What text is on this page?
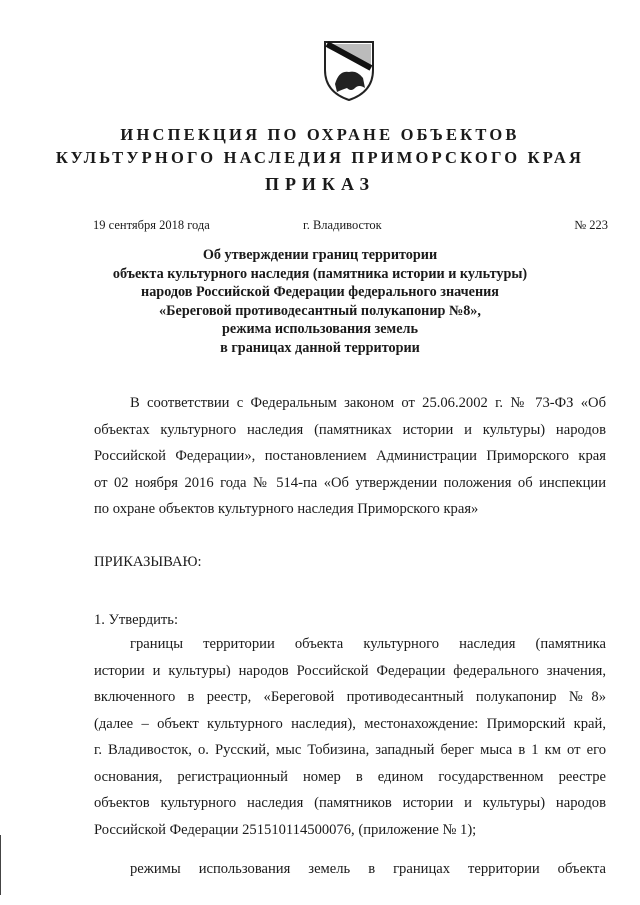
ИНСПЕКЦИЯ ПО ОХРАНЕ ОБЪЕКТОВ
КУЛЬТУРНОГО НАСЛЕДИЯ ПРИМОРСКОГО КРАЯ
ПРИКАЗ
19 сентября 2018 года	г. Владивосток	№ 223
Об утверждении границ территории
объекта культурного наследия (памятника истории и культуры)
народов Российской Федерации федерального значения
«Береговой противодесантный полукапонир №8»,
режима использования земель
в границах данной территории
В соответствии с Федеральным законом от 25.06.2002 г. № 73-ФЗ «Об
объектах культурного наследия (памятниках истории и культуры) народов
Российской Федерации», постановлением Администрации Приморского края
от 02 ноября 2016 года № 514-па «Об утверждении положения об инспекции
по охране объектов культурного наследия Приморского края»
ПРИКАЗЫВАЮ:
1. Утвердить:
границы территории объекта культурного наследия (памятника
истории и культуры) народов Российской Федерации федерального значения,
включенного в реестр, «Береговой противодесантный полукапонир №8»
(далее – объект культурного наследия), местонахождение: Приморский край,
г. Владивосток, о. Русский, мыс Тобизина, западный берег мыса в 1 км от его
основания, регистрационный номер в едином государственном реестре
объектов культурного наследия (памятников истории и культуры) народов
Российской Федерации 251510114500076, (приложение № 1);
режимы использования земель в границах территории объекта
